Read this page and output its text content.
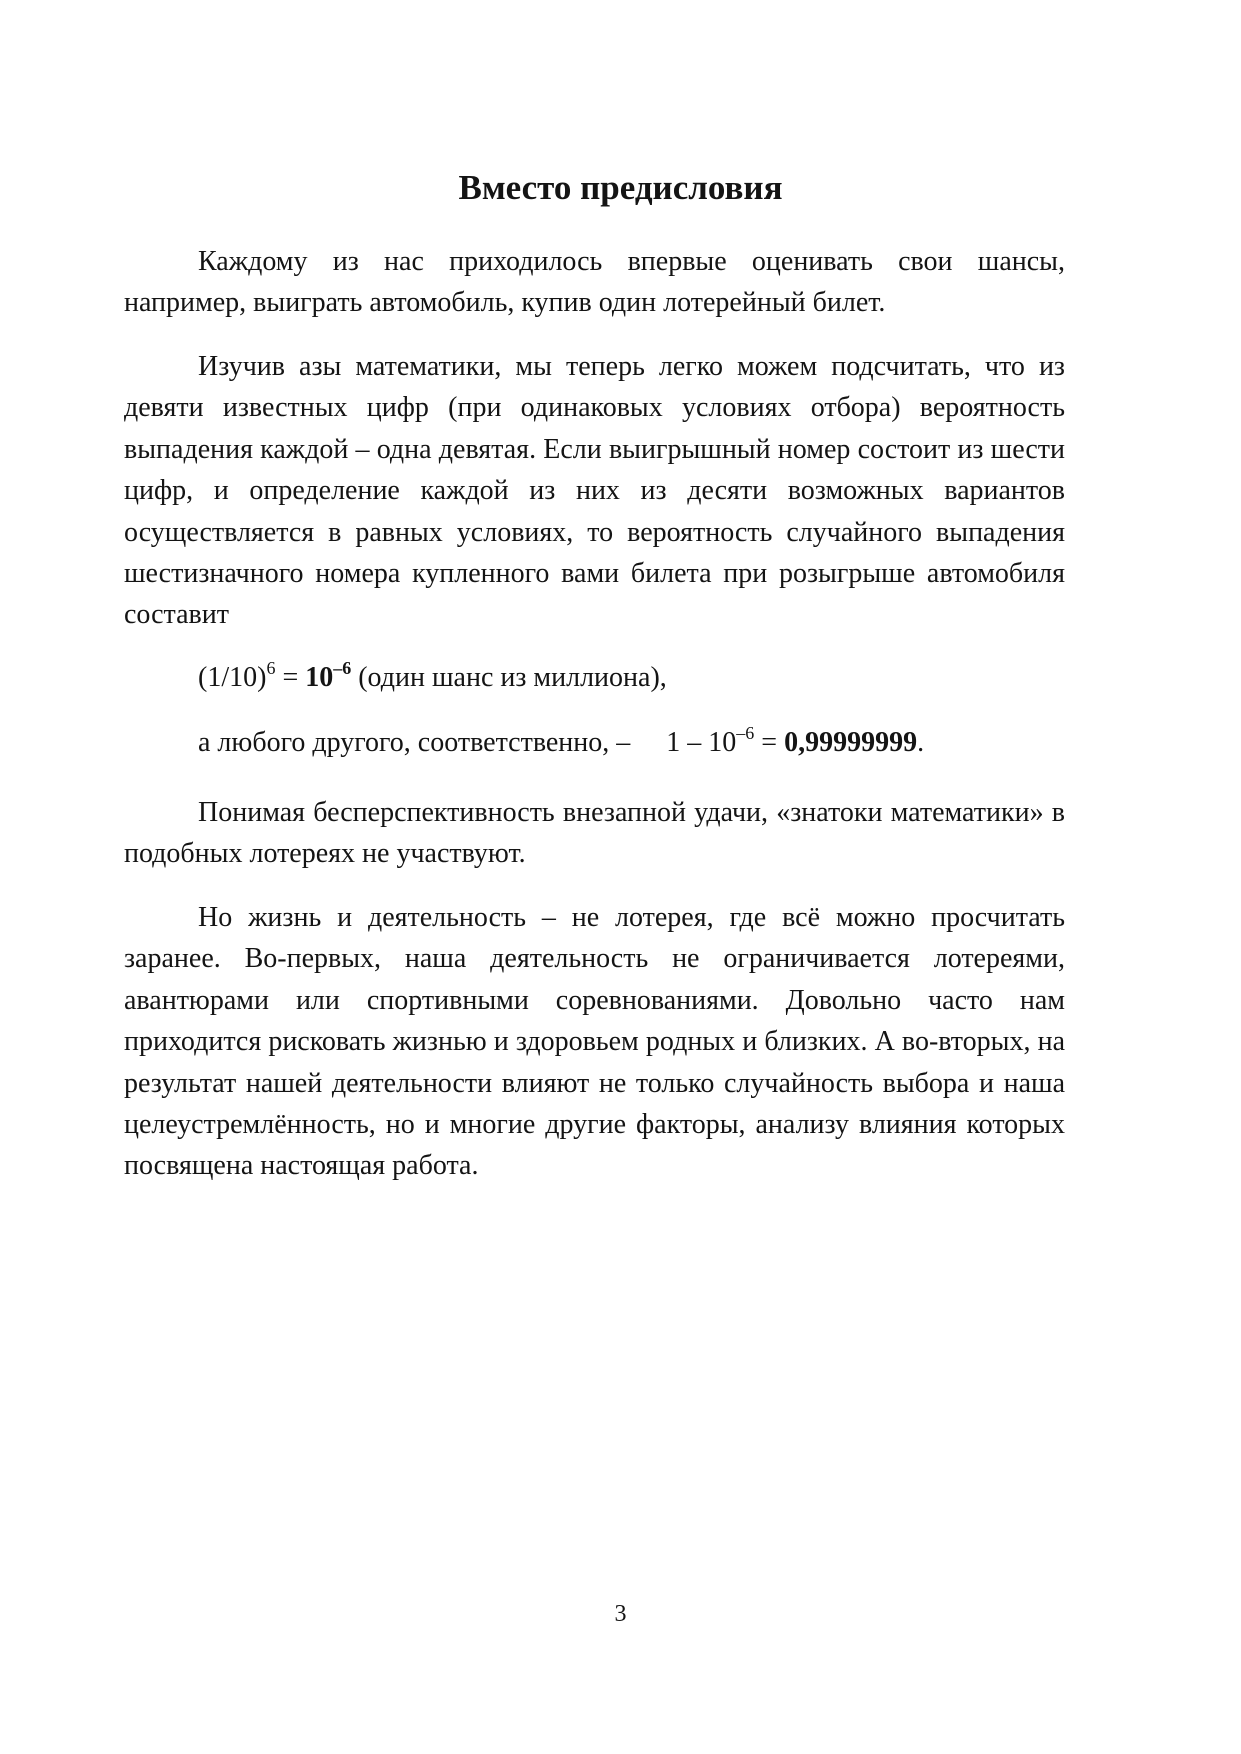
Вместо предисловия

Каждому из нас приходилось впервые оценивать свои шансы, например, выиграть автомобиль, купив один лотерейный билет.

Изучив азы математики, мы теперь легко можем подсчитать, что из девяти известных цифр (при одинаковых условиях отбора) вероятность выпадения каждой – одна девятая. Если выигрышный номер состоит из шести цифр, и определение каждой из них из десяти возможных вариантов осуществляется в равных условиях, то вероятность случайного выпадения шестизначного номера купленного вами билета при розыгрыше автомобиля составит

$(1/10)^6 = 10^{-6}$ (один шанс из миллиона),
а любого другого, соответственно, – $1 - 10^{-6} = 0,99999999$.

Понимая бесперспективность внезапной удачи, «знатоки математики» в подобных лотереях не участвуют.

Но жизнь и деятельность – не лотерея, где всё можно просчитать заранее. Во-первых, наша деятельность не ограничивается лотереями, авантюрами или спортивными соревнованиями. Довольно часто нам приходится рисковать жизнью и здоровьем родных и близких. А во-вторых, на результат нашей деятельности влияют не только случайность выбора и наша целеустремлённость, но и многие другие факторы, анализу влияния которых посвящена настоящая работа.

3
